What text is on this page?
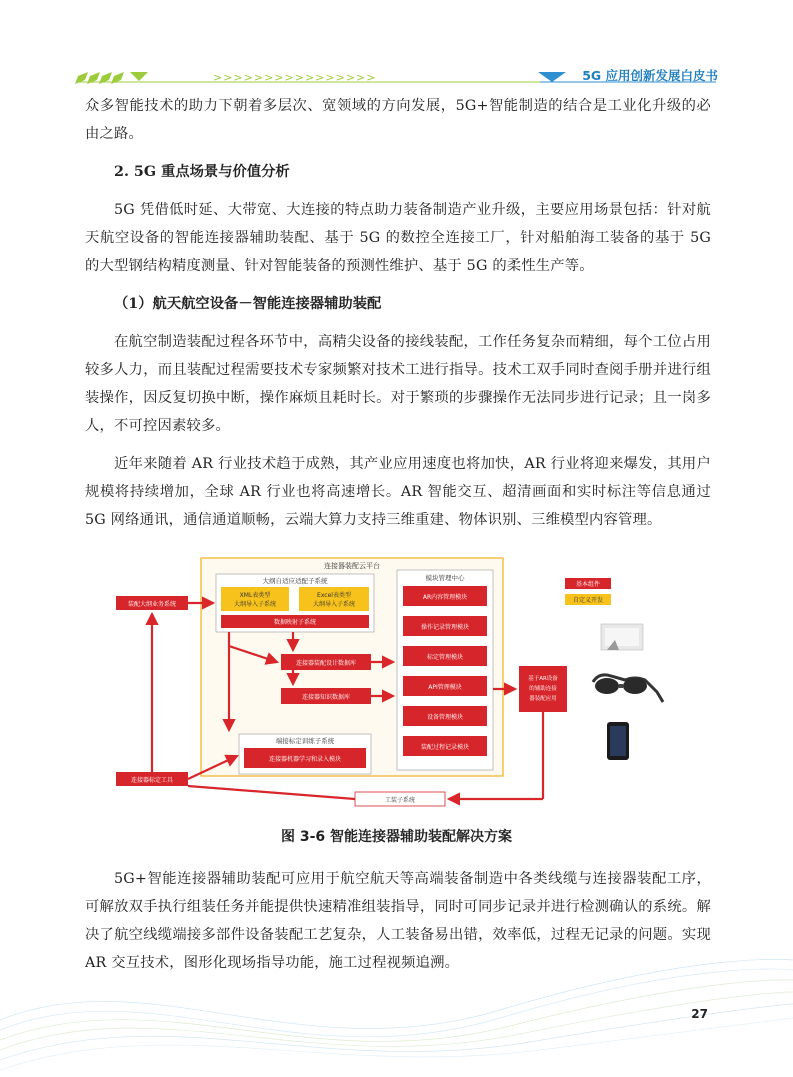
>>>>>>>>>>>>>>>>	5G 应用创新发展白皮书

众多智能技术的助力下朝着多层次、宽领域的方向发展，5G+智能制造的结合是工业化升级的必由之路。

2. 5G 重点场景与价值分析

5G 凭借低时延、大带宽、大连接的特点助力装备制造产业升级，主要应用场景包括：针对航天航空设备的智能连接器辅助装配、基于 5G 的数控全连接工厂，针对船舶海工装备的基于 5G 的大型钢结构精度测量、针对智能装备的预测性维护、基于 5G 的柔性生产等。

（1）航天航空设备－智能连接器辅助装配

在航空制造装配过程各环节中，高精尖设备的接线装配，工作任务复杂而精细，每个工位占用较多人力，而且装配过程需要技术专家频繁对技术工进行指导。技术工双手同时查阅手册并进行组装操作，因反复切换中断，操作麻烦且耗时长。对于繁琐的步骤操作无法同步进行记录；且一岗多人，不可控因素较多。

近年来随着 AR 行业技术趋于成熟，其产业应用速度也将加快，AR 行业将迎来爆发，其用户规模将持续增加，全球 AR 行业也将高速增长。AR 智能交互、超清画面和实时标注等信息通过 5G 网络通讯，通信通道顺畅，云端大算力支持三维重建、物体识别、三维模型内容管理。

连接器装配云平台
大纲自适应适配子系统
XML表类型
大纲导入子系统
Excel表类型
大纲导入子系统
数据映射子系统
连接器装配设计数据库
连接器知识数据库
端接标定训练子系统
连接器机器学习和录入模块
模块管理中心
AR内容管理模块
操作记录管理模块
标定管理模块
API管理模块
设备管理模块
装配过程记录模块
装配大纲业务系统
连接器标定工具
工装子系统
基于AR设备
的辅助连接
器装配应用
基本组件
自定义开发
图 3-6 智能连接器辅助装配解决方案

5G+智能连接器辅助装配可应用于航空航天等高端装备制造中各类线缆与连接器装配工序，可解放双手执行组装任务并能提供快速精准组装指导，同时可同步记录并进行检测确认的系统。解决了航空线缆端接多部件设备装配工艺复杂，人工装备易出错，效率低，过程无记录的问题。实现 AR 交互技术，图形化现场指导功能，施工过程视频追溯。

27
